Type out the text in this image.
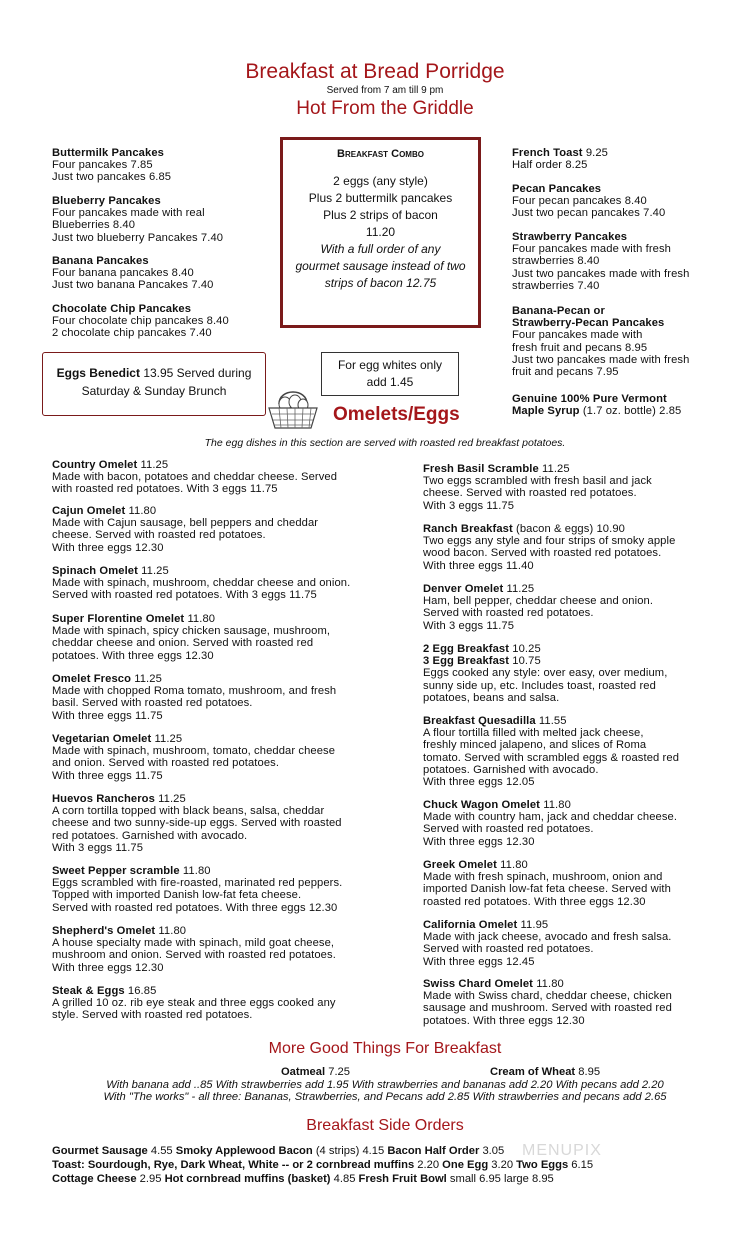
Breakfast at Bread Porridge
Served from 7 am till 9 pm
Hot From the Griddle
Buttermilk Pancakes
Four pancakes 7.85
Just two pancakes 6.85
Blueberry Pancakes
Four pancakes made with real
Blueberries 8.40
Just two blueberry Pancakes 7.40
Banana Pancakes
Four banana pancakes 8.40
Just two banana Pancakes 7.40
Chocolate Chip Pancakes
Four chocolate chip pancakes 8.40
2 chocolate chip pancakes 7.40
Breakfast Combo
2 eggs (any style)
Plus 2 buttermilk pancakes
Plus 2 strips of bacon
11.20
With a full order of any
gourmet sausage instead of two
strips of bacon 12.75
French Toast 9.25
Half order 8.25
Pecan Pancakes
Four pecan pancakes 8.40
Just two pecan pancakes 7.40
Strawberry Pancakes
Four pancakes made with fresh
strawberries 8.40
Just two pancakes made with fresh
strawberries 7.40
Banana-Pecan or
Strawberry-Pecan Pancakes
Four pancakes made with
fresh fruit and pecans 8.95
Just two pancakes made with fresh
fruit and pecans 7.95
Genuine 100% Pure Vermont
Maple Syrup (1.7 oz. bottle) 2.85
Eggs Benedict 13.95 Served during
Saturday & Sunday Brunch
For egg whites only
add 1.45
Omelets/Eggs
The egg dishes in this section are served with roasted red breakfast potatoes.
Country Omelet 11.25
Made with bacon, potatoes and cheddar cheese. Served
with roasted red potatoes. With 3 eggs 11.75
Cajun Omelet 11.80
Made with Cajun sausage, bell peppers and cheddar
cheese. Served with roasted red potatoes.
With three eggs 12.30
Spinach Omelet 11.25
Made with spinach, mushroom, cheddar cheese and onion.
Served with roasted red potatoes. With 3 eggs 11.75
Super Florentine Omelet 11.80
Made with spinach, spicy chicken sausage, mushroom,
cheddar cheese and onion. Served with roasted red
potatoes. With three eggs 12.30
Omelet Fresco 11.25
Made with chopped Roma tomato, mushroom, and fresh
basil. Served with roasted red potatoes.
With three eggs 11.75
Vegetarian Omelet 11.25
Made with spinach, mushroom, tomato, cheddar cheese
and onion. Served with roasted red potatoes.
With three eggs 11.75
Huevos Rancheros 11.25
A corn tortilla topped with black beans, salsa, cheddar
cheese and two sunny-side-up eggs. Served with roasted
red potatoes. Garnished with avocado.
With 3 eggs 11.75
Sweet Pepper scramble 11.80
Eggs scrambled with fire-roasted, marinated red peppers.
Topped with imported Danish low-fat feta cheese.
Served with roasted red potatoes. With three eggs 12.30
Shepherd's Omelet 11.80
A house specialty made with spinach, mild goat cheese,
mushroom and onion. Served with roasted red potatoes.
With three eggs 12.30
Steak & Eggs 16.85
A grilled 10 oz. rib eye steak and three eggs cooked any
style. Served with roasted red potatoes.
Fresh Basil Scramble 11.25
Two eggs scrambled with fresh basil and jack
cheese. Served with roasted red potatoes.
With 3 eggs 11.75
Ranch Breakfast (bacon & eggs) 10.90
Two eggs any style and four strips of smoky apple
wood bacon. Served with roasted red potatoes.
With three eggs 11.40
Denver Omelet 11.25
Ham, bell pepper, cheddar cheese and onion.
Served with roasted red potatoes.
With 3 eggs 11.75
2 Egg Breakfast 10.25
3 Egg Breakfast 10.75
Eggs cooked any style: over easy, over medium,
sunny side up, etc. Includes toast, roasted red
potatoes, beans and salsa.
Breakfast Quesadilla 11.55
A flour tortilla filled with melted jack cheese,
freshly minced jalapeno, and slices of Roma
tomato. Served with scrambled eggs & roasted red
potatoes. Garnished with avocado.
With three eggs 12.05
Chuck Wagon Omelet 11.80
Made with country ham, jack and cheddar cheese.
Served with roasted red potatoes.
With three eggs 12.30
Greek Omelet 11.80
Made with fresh spinach, mushroom, onion and
imported Danish low-fat feta cheese. Served with
roasted red potatoes. With three eggs 12.30
California Omelet 11.95
Made with jack cheese, avocado and fresh salsa.
Served with roasted red potatoes.
With three eggs 12.45
Swiss Chard Omelet 11.80
Made with Swiss chard, cheddar cheese, chicken
sausage and mushroom. Served with roasted red
potatoes. With three eggs 12.30
More Good Things For Breakfast
Oatmeal 7.25	Cream of Wheat 8.95
With banana add ..85 With strawberries add 1.95 With strawberries and bananas add 2.20 With pecans add 2.20
With "The works" - all three: Bananas, Strawberries, and Pecans add 2.85 With strawberries and pecans add 2.65
Breakfast Side Orders
Gourmet Sausage 4.55 Smoky Applewood Bacon (4 strips) 4.15 Bacon Half Order 3.05
Toast: Sourdough, Rye, Dark Wheat, White -- or 2 cornbread muffins 2.20 One Egg 3.20 Two Eggs 6.15
Cottage Cheese 2.95 Hot cornbread muffins (basket) 4.85 Fresh Fruit Bowl small 6.95 large 8.95
MENUPIX
